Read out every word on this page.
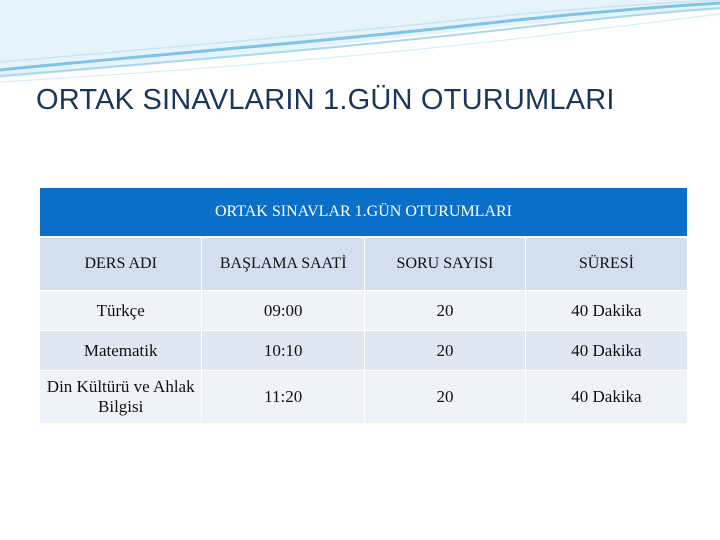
ORTAK SINAVLARIN 1.GÜN OTURUMLARI
ORTAK SINAVLAR 1.GÜN OTURUMLARI
DERS ADI	BAŞLAMA SAATİ	SORU SAYISI	SÜRESİ
Türkçe	09:00	20	40 Dakika
Matematik	10:10	20	40 Dakika
Din Kültürü ve Ahlak Bilgisi	11:20	20	40 Dakika
